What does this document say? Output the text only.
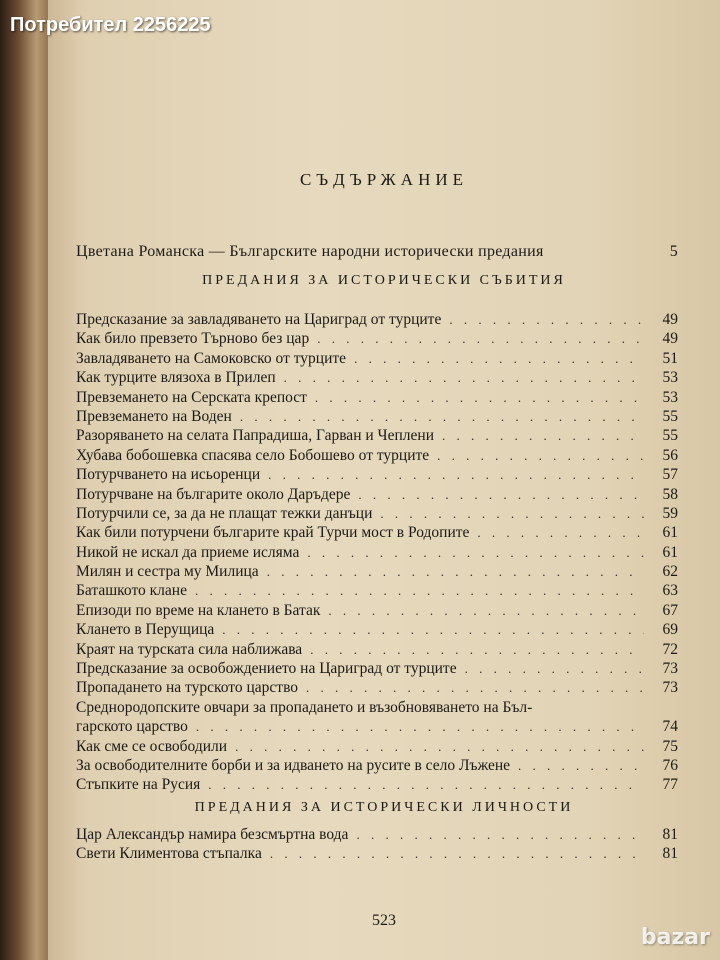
СЪДЪРЖАНИЕ
Цветана Романска — Българските народни исторически предания	5
ПРЕДАНИЯ ЗА ИСТОРИЧЕСКИ СЪБИТИЯ
Предсказание за завладяването на Цариград от турците . . .	49
Как било превзето Търново без цар . . .	49
Завладяването на Самоковско от турците . . .	51
Как турците влязоха в Прилеп . . .	53
Превземането на Серската крепост . . .	53
Превземането на Воден . . .	55
Разоряването на селата Папрадиша, Гарван и Чеплени . . .	55
Хубава бобошевка спасява село Бобошево от турците . . .	56
Потурчването на исьоренци . . .	57
Потурчване на българите около Даръдере . . .	58
Потурчили се, за да не плащат тежки данъци . . .	59
Как били потурчени българите край Турчи мост в Родопите . . .	61
Никой не искал да приеме исляма . . .	61
Милян и сестра му Милица . . .	62
Баташкото клане . . .	63
Епизоди по време на клането в Батак . . .	67
Клането в Перущица . . .	69
Краят на турската сила наближава . . .	72
Предсказание за освобождението на Цариград от турците . . .	73
Пропадането на турското царство . . .	73
Среднородопските овчари за пропадането и възобновяването на Бъл-
гарското царство . . .	74
Как сме се освободили . . .	75
За освободителните борби и за идването на русите в село Лъжене . . .	76
Стъпките на Русия . . .	77
ПРЕДАНИЯ ЗА ИСТОРИЧЕСКИ ЛИЧНОСТИ
Цар Александър намира безсмъртна вода . . .	81
Свети Климентова стъпалка . . .	81
523
Потребител 2256225
bazar
